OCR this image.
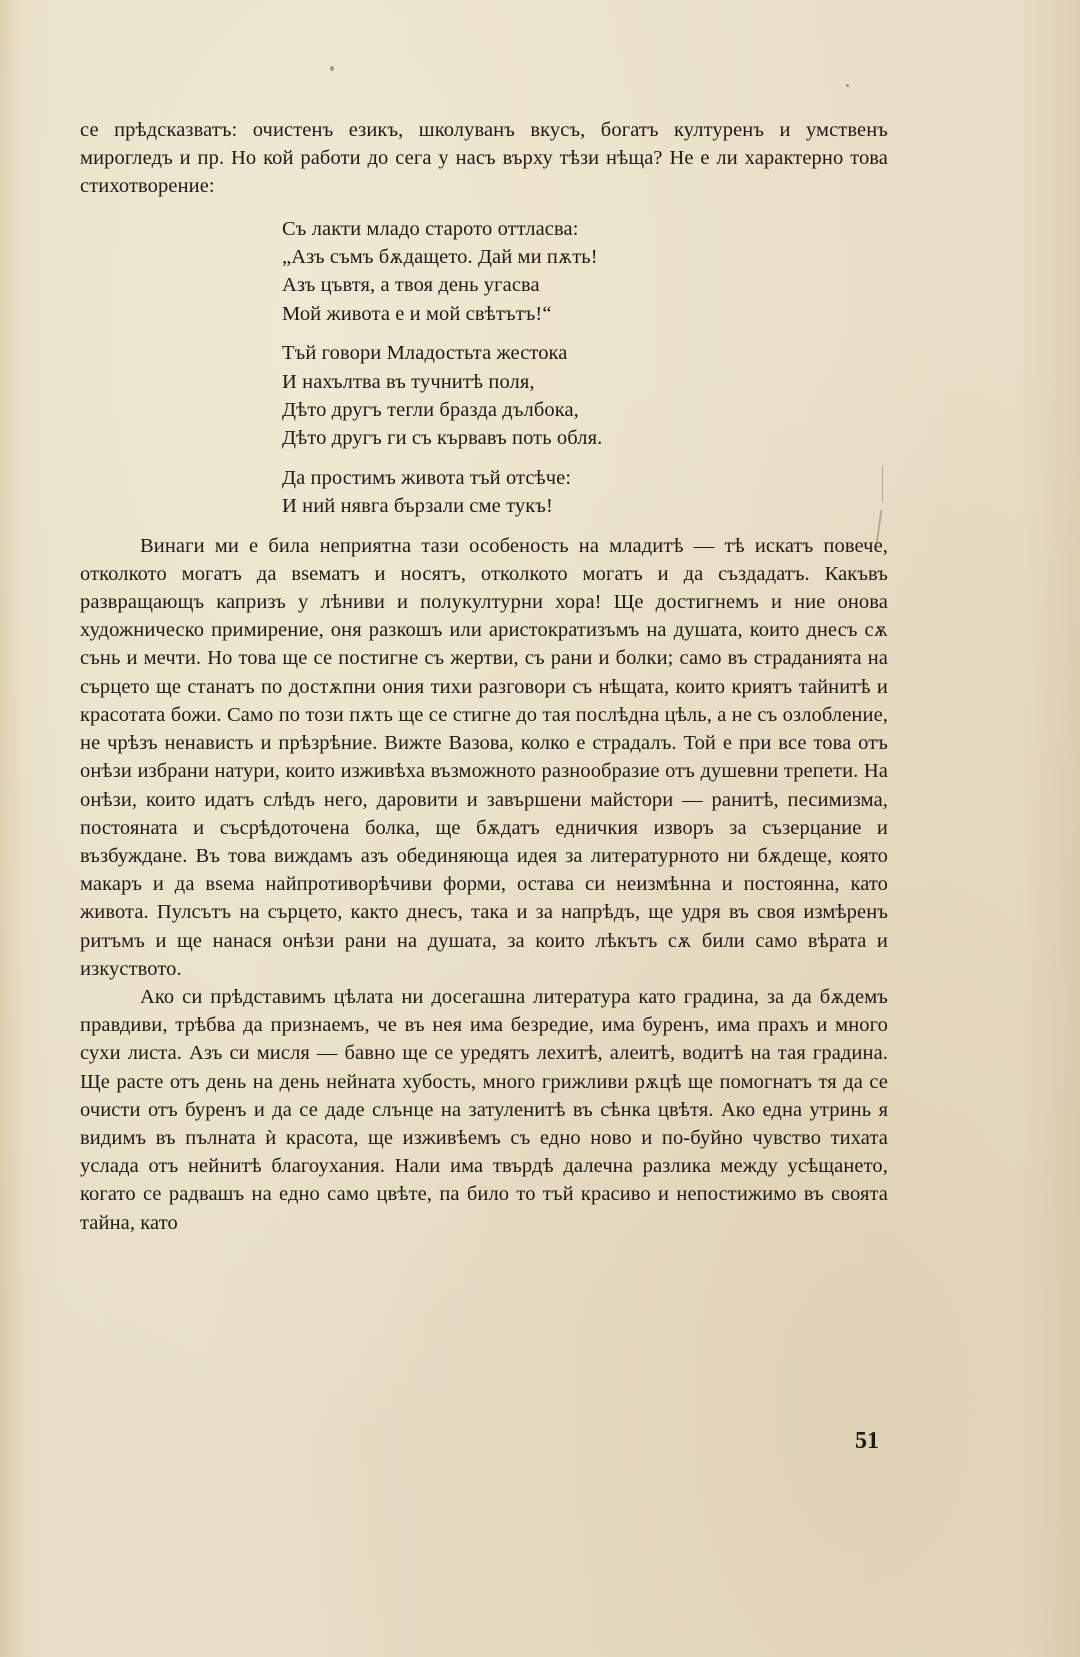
се прѣдсказватъ: очистенъ езикъ, школуванъ вкусъ, богатъ културенъ и умственъ мирогледъ и пр. Но кой работи до сега у насъ върху тѣзи нѣща? Не е ли характерно това стихотворение:

Съ лакти младо старото оттласва:
„Азъ съмъ бѫдащето. Дай ми пѫть!
Азъ цъвтя, а твоя день угасва
Мой живота е и мой свѣтътъ!“
Тъй говори Младостьта жестока
И нахълтва въ тучнитѣ поля,
Дѣто другъ тегли бразда дълбока,
Дѣто другъ ги съ кървавъ поть обля.
Да простимъ живота тъй отсѣче:
И ний нявга бързали сме тукъ!

Винаги ми е била неприятна тази особеность на младитѣ — тѣ искатъ повече, отколкото могатъ да вѕематъ и носятъ, отколкото могатъ и да създадатъ. Какъвъ развращающъ капризъ у лѣниви и полукултурни хора! Ще достигнемъ и ние онова художническо примирение, оня разкошъ или аристократизъмъ на душата, които днесъ сѫ сънь и мечти. Но това ще се постигне съ жертви, съ рани и болки; само въ страданията на сърцето ще станатъ по достѫпни ония тихи разговори съ нѣщата, които криятъ тайнитѣ и красотата божи. Само по този пѫть ще се стигне до тая послѣдна цѣль, а не съ озлобление, не чрѣзъ ненависть и прѣзрѣние. Вижте Вазова, колко е страдалъ. Той е при все това отъ онѣзи избрани натури, които изживѣха възможното разнообразие отъ душевни трепети. На онѣзи, които идатъ слѣдъ него, даровити и завършени майстори — ранитѣ, песимизма, постояната и съсрѣдоточена болка, ще бѫдатъ едничкия изворъ за съзерцание и възбуждане. Въ това виждамъ азъ обединяюща идея за литературното ни бѫдеще, която макаръ и да вѕема найпротиворѣчиви форми, остава си неизмѣнна и постоянна, като живота. Пулсътъ на сърцето, както днесъ, така и за напрѣдъ, ще удря въ своя измѣренъ ритъмъ и ще нанася онѣзи рани на душата, за които лѣкътъ сѫ били само вѣрата и изкуството.

Ако си прѣдставимъ цѣлата ни досегашна литература като градина, за да бѫдемъ правдиви, трѣбва да признаемъ, че въ нея има безредие, има буренъ, има прахъ и много сухи листа. Азъ си мисля — бавно ще се уредятъ лехитѣ, алеитѣ, водитѣ на тая градина. Ще расте отъ день на день нейната хубость, много грижливи рѫцѣ ще помогнатъ тя да се очисти отъ буренъ и да се даде слънце на затуленитѣ въ сѣнка цвѣтя. Ако една утринь я видимъ въ пълната ѝ красота, ще изживѣемъ съ едно ново и по-буйно чувство тихата услада отъ нейнитѣ благоухания. Нали има твърдѣ далечна разлика между усѣщането, когато се радвашъ на едно само цвѣте, па било то тъй красиво и непостижимо въ своята тайна, като

51
